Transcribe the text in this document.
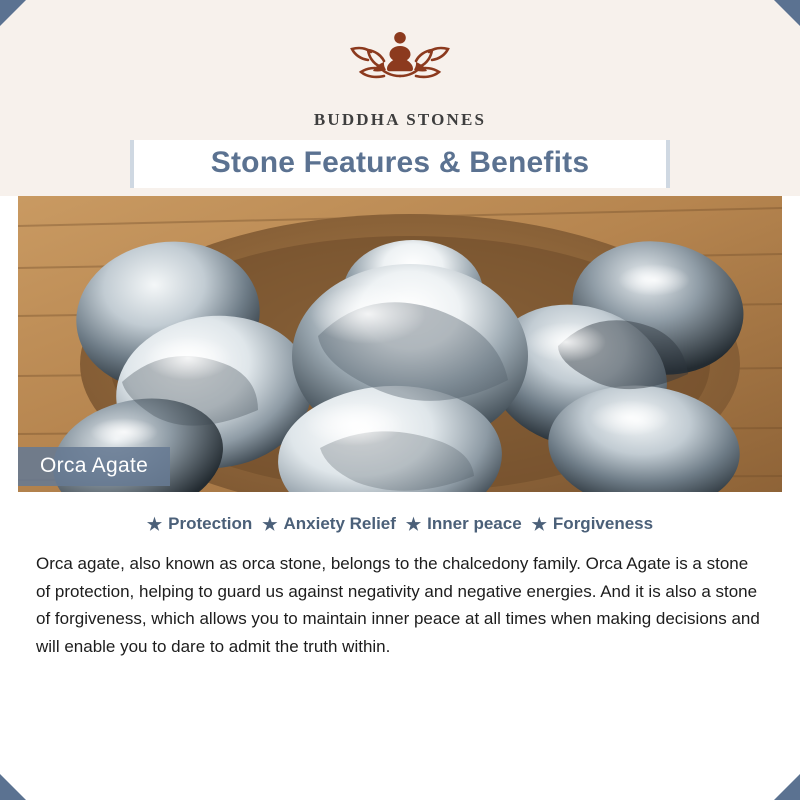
BUDDHA STONES
Stone Features & Benefits
Orca Agate
★ Protection ★ Anxiety Relief ★ Inner peace ★ Forgiveness

Orca agate, also known as orca stone, belongs to the chalcedony family. Orca Agate is a stone of protection, helping to guard us against negativity and negative energies. And it is also a stone of forgiveness, which allows you to maintain inner peace at all times when making decisions and will enable you to dare to admit the truth within.
